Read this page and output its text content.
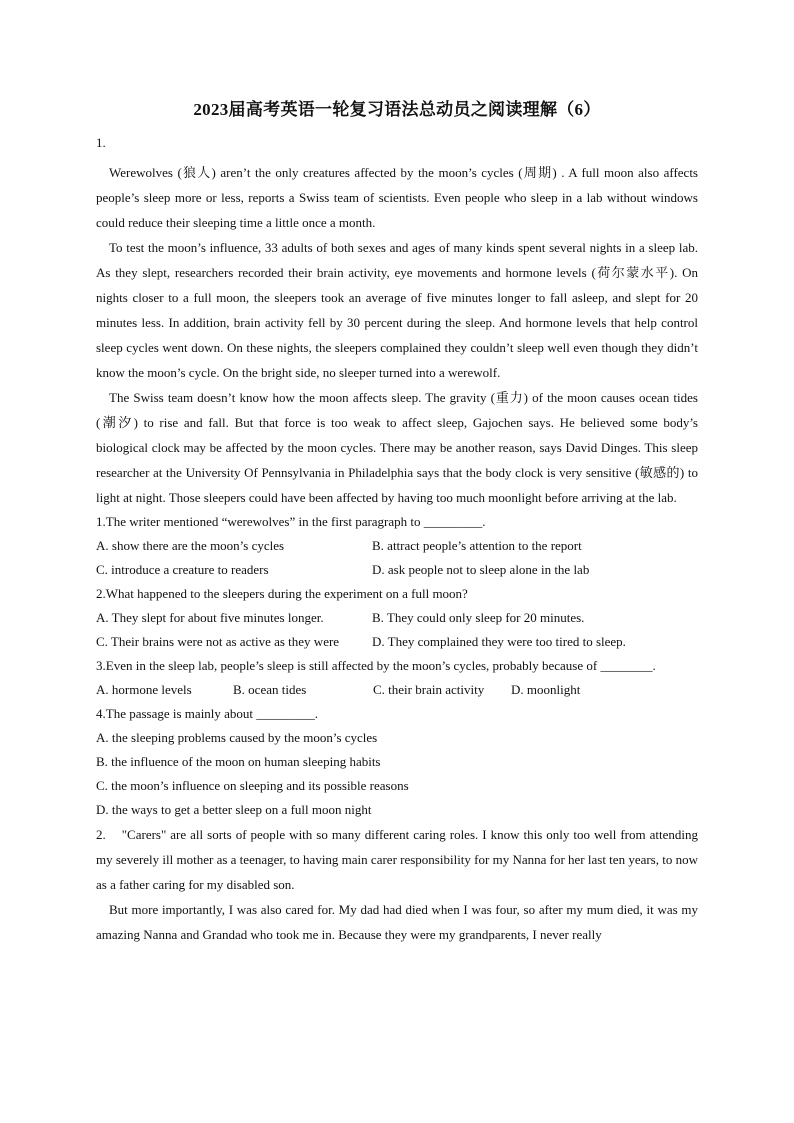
2023届高考英语一轮复习语法总动员之阅读理解（6）
1.

Werewolves (狼人) aren’t the only creatures affected by the moon’s cycles (周期) . A full moon also affects people’s sleep more or less, reports a Swiss team of scientists. Even people who sleep in a lab without windows could reduce their sleeping time a little once a month.

To test the moon’s influence, 33 adults of both sexes and ages of many kinds spent several nights in a sleep lab. As they slept, researchers recorded their brain activity, eye movements and hormone levels (荷尔蒙水平). On nights closer to a full moon, the sleepers took an average of five minutes longer to fall asleep, and slept for 20 minutes less. In addition, brain activity fell by 30 percent during the sleep. And hormone levels that help control sleep cycles went down. On these nights, the sleepers complained they couldn’t sleep well even though they didn’t know the moon’s cycle. On the bright side, no sleeper turned into a werewolf.

The Swiss team doesn’t know how the moon affects sleep. The gravity (重力) of the moon causes ocean tides (潮汐) to rise and fall. But that force is too weak to affect sleep, Gajochen says. He believed some body’s biological clock may be affected by the moon cycles. There may be another reason, says David Dinges. This sleep researcher at the University Of Pennsylvania in Philadelphia says that the body clock is very sensitive (敏感的) to light at night. Those sleepers could have been affected by having too much moonlight before arriving at the lab.

1.The writer mentioned “werewolves” in the first paragraph to _________.
A. show there are the moon’s cycles	B. attract people’s attention to the report
C. introduce a creature to readers	D. ask people not to sleep alone in the lab
2.What happened to the sleepers during the experiment on a full moon?
A. They slept for about five minutes longer.	B. They could only sleep for 20 minutes.
C. Their brains were not as active as they were	D. They complained they were too tired to sleep.

3.Even in the sleep lab, people’s sleep is still affected by the moon’s cycles, probably because of ________.

A. hormone levels	B. ocean tides	C. their brain activity	D. moonlight
4.The passage is mainly about _________.
A. the sleeping problems caused by the moon’s cycles
B. the influence of the moon on human sleeping habits
C. the moon’s influence on sleeping and its possible reasons
D. the ways to get a better sleep on a full moon night

2.    "Carers" are all sorts of people with so many different caring roles. I know this only too well from attending my severely ill mother as a teenager, to having main carer responsibility for my Nanna for her last ten years, to now as a father caring for my disabled son.

But more importantly, I was also cared for. My dad had died when I was four, so after my mum died, it was my amazing Nanna and Grandad who took me in. Because they were my grandparents, I never really
